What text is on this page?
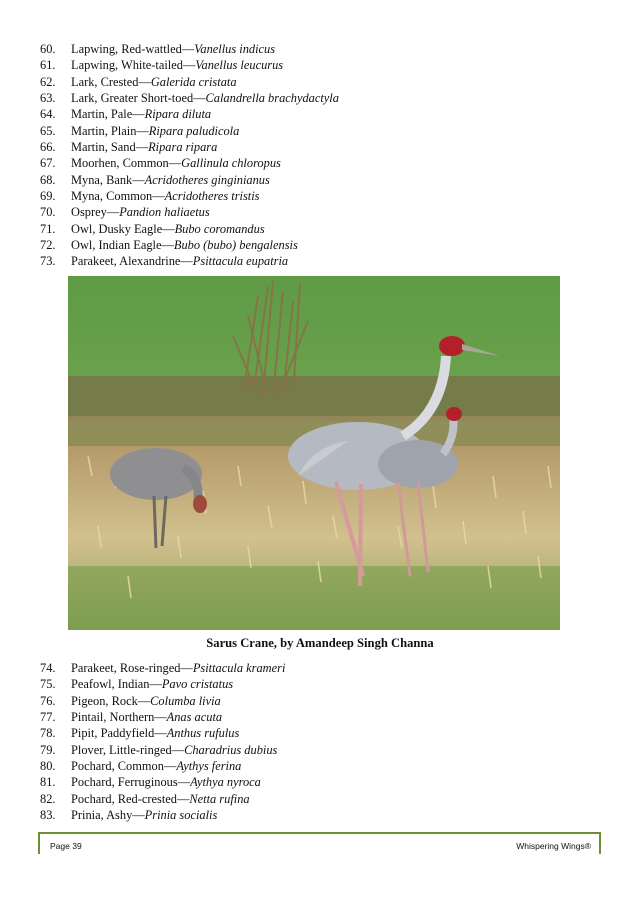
60.	Lapwing, Red-wattled — Vanellus indicus
61.	Lapwing, White-tailed — Vanellus leucurus
62.	Lark, Crested — Galerida cristata
63.	Lark, Greater Short-toed — Calandrella brachydactyla
64.	Martin, Pale — Ripara diluta
65.	Martin, Plain — Ripara paludicola
66.	Martin, Sand — Ripara ripara
67.	Moorhen, Common — Gallinula chloropus
68.	Myna, Bank — Acridotheres ginginianus
69.	Myna, Common — Acridotheres tristis
70.	Osprey — Pandion haliaetus
71.	Owl, Dusky Eagle — Bubo coromandus
72.	Owl, Indian Eagle — Bubo (bubo) bengalensis
73.	Parakeet, Alexandrine — Psittacula eupatria
Sarus Crane, by Amandeep Singh Channa
74.	Parakeet, Rose-ringed — Psittacula krameri
75.	Peafowl, Indian — Pavo cristatus
76.	Pigeon, Rock — Columba livia
77.	Pintail, Northern — Anas acuta
78.	Pipit, Paddyfield — Anthus rufulus
79.	Plover, Little-ringed — Charadrius dubius
80.	Pochard, Common — Aythys ferina
81.	Pochard, Ferruginous — Aythya nyroca
82.	Pochard, Red-crested — Netta rufina
83.	Prinia, Ashy — Prinia socialis
Page 39	Whispering Wings®
